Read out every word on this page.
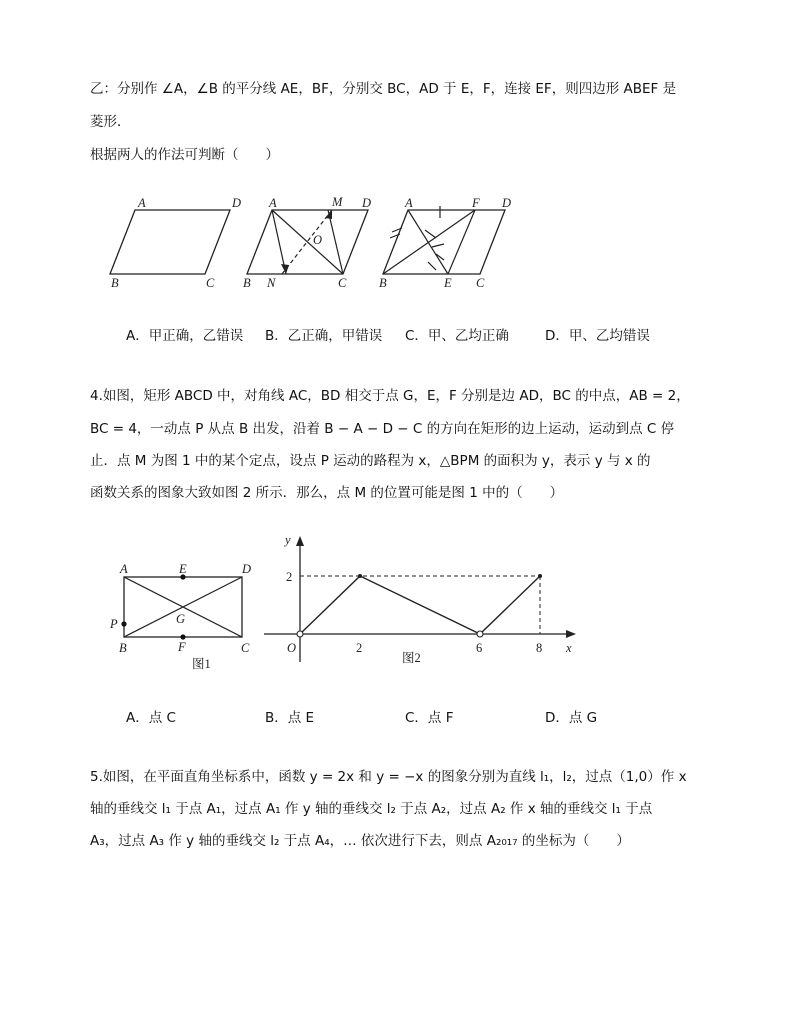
乙：分别作 ∠A，∠B 的平分线 AE，BF，分别交 BC，AD 于 E，F，连接 EF，则四边形 ABEF 是
菱形．
根据两人的作法可判断（　　）
A	D
B	C
A	M D
O
B N	C
A	F D
B	E C
A．甲正确，乙错误 B．乙正确，甲错误 C．甲、乙均正确	D．甲、乙均错误
4.如图，矩形 ABCD 中，对角线 AC，BD 相交于点 G，E，F 分别是边 AD，BC 的中点，AB = 2，
BC = 4，一动点 P 从点 B 出发，沿着 B − A − D − C 的方向在矩形的边上运动，运动到点 C 停
止．点 M 为图 1 中的某个定点，设点 P 运动的路程为 x，△BPM 的面积为 y，表示 y 与 x 的
函数关系的图象大致如图 2 所示．那么，点 M 的位置可能是图 1 中的（　　）
A	E	D
P	G
B	F	C
图1
y
x
O
2
2	6	8
图2
A．点 C	B．点 E	C．点 F	D．点 G
5.如图，在平面直角坐标系中，函数 y = 2x 和 y = −x 的图象分别为直线 l₁，l₂，过点（1,0）作 x
轴的垂线交 l₁ 于点 A₁，过点 A₁ 作 y 轴的垂线交 l₂ 于点 A₂，过点 A₂ 作 x 轴的垂线交 l₁ 于点
A₃，过点 A₃ 作 y 轴的垂线交 l₂ 于点 A₄，… 依次进行下去，则点 A₂₀₁₇ 的坐标为（　　）
